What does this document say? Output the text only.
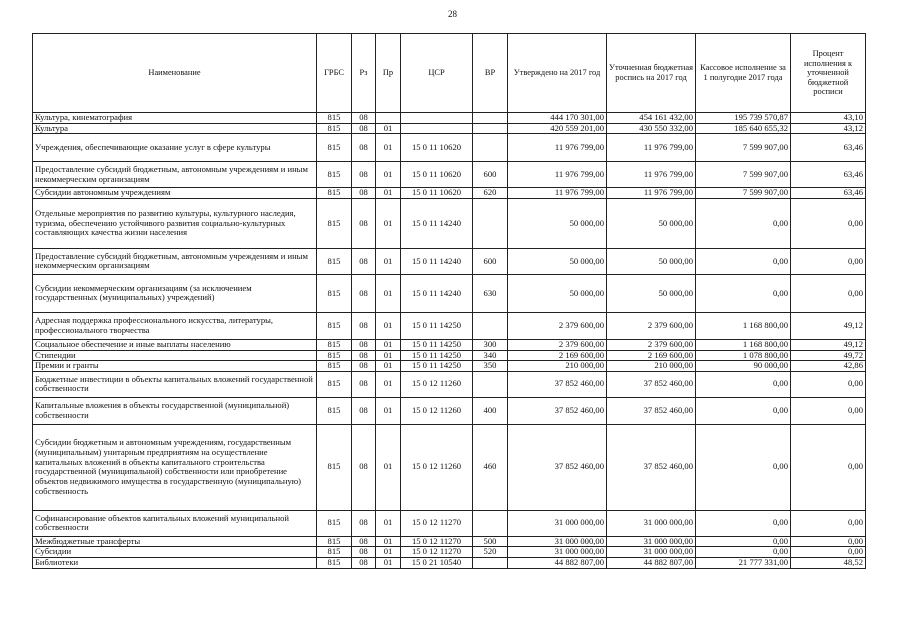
28
Наименование	ГРБС	Рз	Пр	ЦСР	ВР	Утверждено на 2017 год	Уточненная бюджетная роспись на 2017 год	Кассовое исполнение за 1 полугодие 2017 года	Процент исполнения к уточненной бюджетной росписи
Культура, кинематография	815	08				444 170 301,00	454 161 432,00	195 739 570,87	43,10
Культура	815	08	01			420 559 201,00	430 550 332,00	185 640 655,32	43,12
Учреждения, обеспечивающие оказание услуг в сфере культуры	815	08	01	15 0 11 10620		11 976 799,00	11 976 799,00	7 599 907,00	63,46
Предоставление субсидий бюджетным, автономным учреждениям и иным некоммерческим организациям	815	08	01	15 0 11 10620	600	11 976 799,00	11 976 799,00	7 599 907,00	63,46
Субсидии автономным учреждениям	815	08	01	15 0 11 10620	620	11 976 799,00	11 976 799,00	7 599 907,00	63,46
Отдельные мероприятия по развитию культуры, культурного наследия, туризма, обеспечению устойчивого развития социально-культурных составляющих качества жизни населения	815	08	01	15 0 11 14240		50 000,00	50 000,00	0,00	0,00
Предоставление субсидий бюджетным, автономным учреждениям и иным некоммерческим организациям	815	08	01	15 0 11 14240	600	50 000,00	50 000,00	0,00	0,00
Субсидии некоммерческим организациям (за исключением государственных (муниципальных) учреждений)	815	08	01	15 0 11 14240	630	50 000,00	50 000,00	0,00	0,00
Адресная поддержка профессионального искусства, литературы, профессионального творчества	815	08	01	15 0 11 14250		2 379 600,00	2 379 600,00	1 168 800,00	49,12
Социальное обеспечение и иные выплаты населению	815	08	01	15 0 11 14250	300	2 379 600,00	2 379 600,00	1 168 800,00	49,12
Стипендии	815	08	01	15 0 11 14250	340	2 169 600,00	2 169 600,00	1 078 800,00	49,72
Премии и гранты	815	08	01	15 0 11 14250	350	210 000,00	210 000,00	90 000,00	42,86
Бюджетные инвестиции в объекты капитальных вложений государственной собственности	815	08	01	15 0 12 11260		37 852 460,00	37 852 460,00	0,00	0,00
Капитальные вложения в объекты государственной (муниципальной) собственности	815	08	01	15 0 12 11260	400	37 852 460,00	37 852 460,00	0,00	0,00
Субсидии бюджетным и автономным учреждениям, государственным (муниципальным) унитарным предприятиям на осуществление капитальных вложений в объекты капитального строительства государственной (муниципальной) собственности или приобретение объектов недвижимого имущества в государственную (муниципальную) собственность	815	08	01	15 0 12 11260	460	37 852 460,00	37 852 460,00	0,00	0,00
Софинансирование объектов капитальных вложений муниципальной собственности	815	08	01	15 0 12 11270		31 000 000,00	31 000 000,00	0,00	0,00
Межбюджетные трансферты	815	08	01	15 0 12 11270	500	31 000 000,00	31 000 000,00	0,00	0,00
Субсидии	815	08	01	15 0 12 11270	520	31 000 000,00	31 000 000,00	0,00	0,00
Библиотеки	815	08	01	15 0 21 10540		44 882 807,00	44 882 807,00	21 777 331,00	48,52
